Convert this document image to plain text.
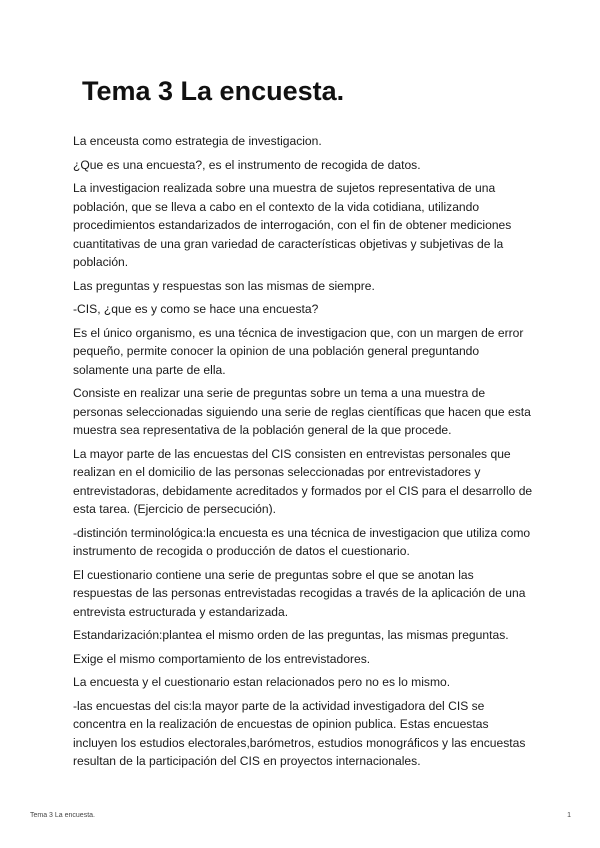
Tema 3 La encuesta.

La enceusta como estrategia de investigacion.

¿Que es una encuesta?, es el instrumento de recogida de datos.

La investigacion realizada sobre una muestra de sujetos representativa de una población, que se lleva a cabo en el contexto de la vida cotidiana, utilizando procedimientos estandarizados de interrogación, con el fin de obtener mediciones cuantitativas de una gran variedad de características objetivas y subjetivas de la población.

Las preguntas y respuestas son las mismas de siempre.

-CIS, ¿que es y como se hace una encuesta?

Es el único organismo, es una técnica de investigacion que, con un margen de error pequeño, permite conocer la opinion de una población general preguntando solamente una parte de ella.

Consiste en realizar una serie de preguntas sobre un tema a una muestra de personas seleccionadas siguiendo una serie de reglas científicas que hacen que esta muestra sea representativa de la población general de la que procede.

La mayor parte de las encuestas del CIS consisten en entrevistas personales que realizan en el domicilio de las personas seleccionadas por entrevistadores y entrevistadoras, debidamente acreditados y formados por el CIS para el desarrollo de esta tarea. (Ejercicio de persecución).

-distinción terminológica:la encuesta es una técnica de investigacion que utiliza como instrumento de recogida o producción de datos el cuestionario.

El cuestionario contiene una serie de preguntas sobre el que se anotan las respuestas de las personas entrevistadas recogidas a través de la aplicación de una entrevista estructurada y estandarizada.

Estandarización:plantea el mismo orden de las preguntas, las mismas preguntas.

Exige el mismo comportamiento de los entrevistadores.

La encuesta y el cuestionario estan relacionados pero no es lo mismo.

-las encuestas del cis:la mayor parte de la actividad investigadora del CIS se concentra en la realización de encuestas de opinion publica. Estas encuestas incluyen los estudios electorales,barómetros, estudios monográficos y las encuestas resultan de la participación del CIS en proyectos internacionales.

Tema 3 La encuesta.	1
